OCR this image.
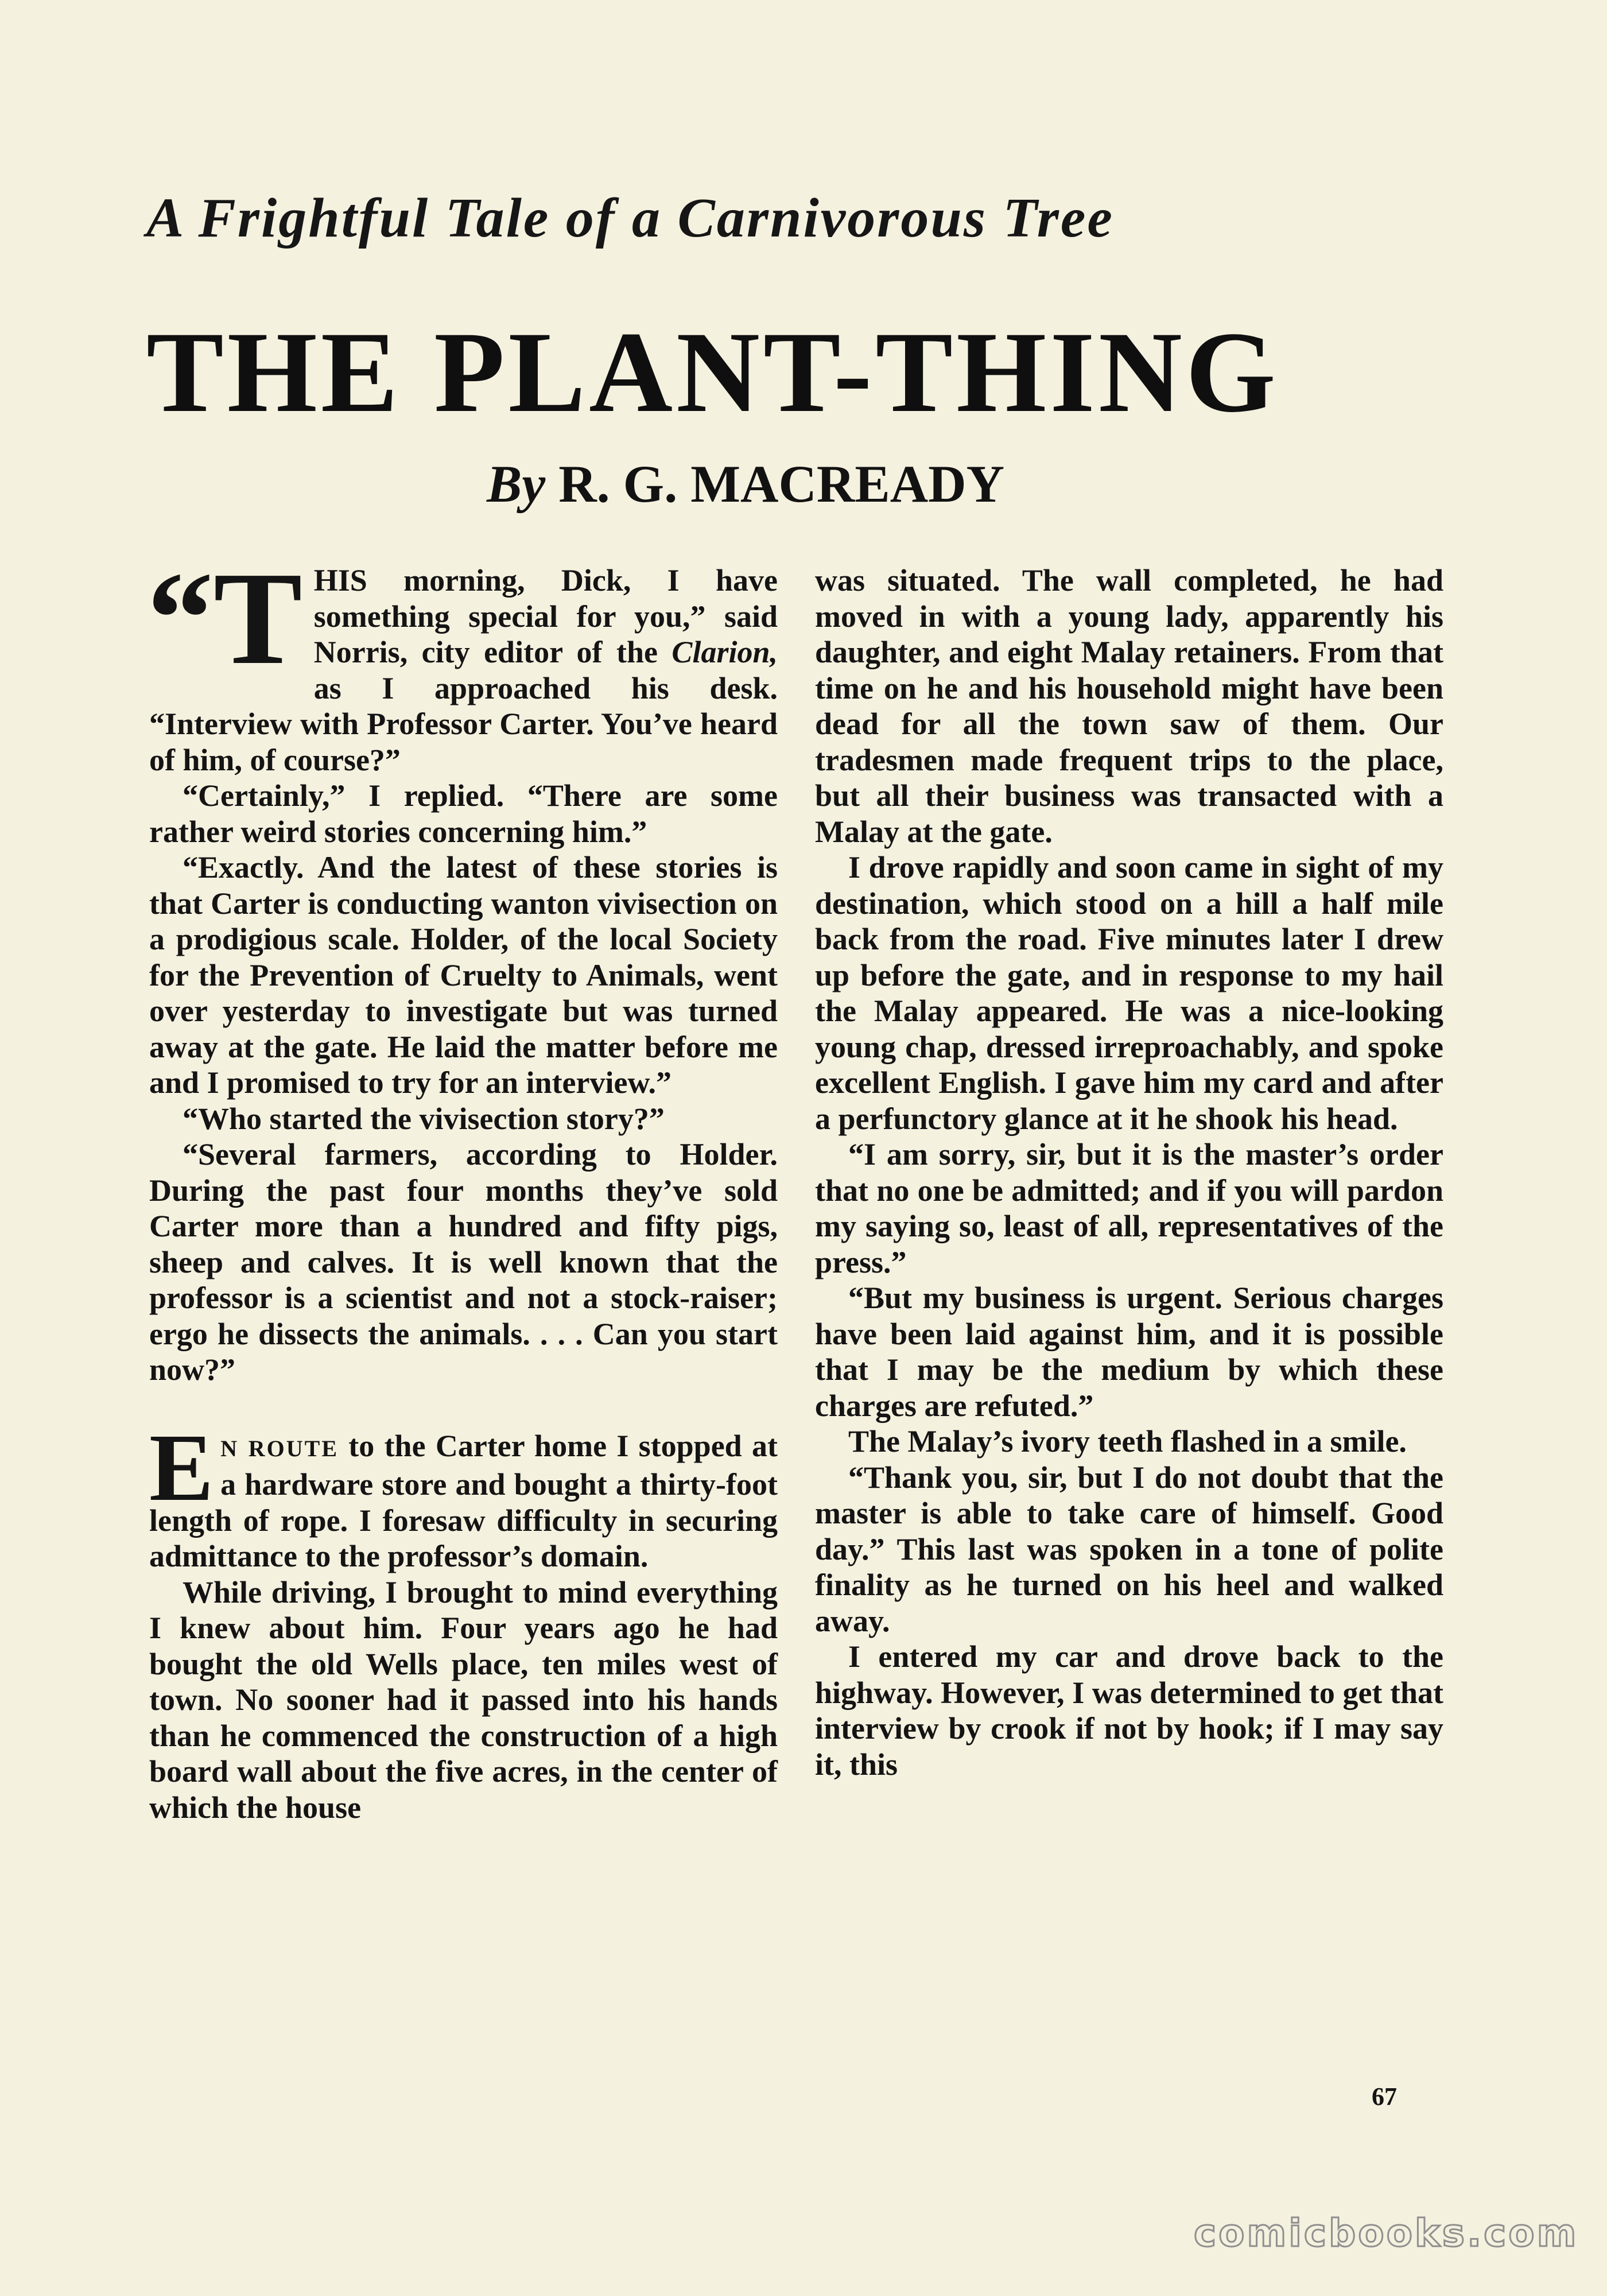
A Frightful Tale of a Carnivorous Tree
THE PLANT-THING
By R. G. MACREADY

“T HIS morning, Dick, I have something special for you,” said Norris, city editor of the Clarion, as I approached his desk. “Interview with Professor Carter. You’ve heard of him, of course?”

“Certainly,” I replied. “There are some rather weird stories concerning him.”

“Exactly. And the latest of these stories is that Carter is conducting wanton vivisection on a prodigious scale. Holder, of the local Society for the Prevention of Cruelty to Animals, went over yesterday to investigate but was turned away at the gate. He laid the matter before me and I promised to try for an interview.”

“Who started the vivisection story?”

“Several farmers, according to Holder. During the past four months they’ve sold Carter more than a hundred and fifty pigs, sheep and calves. It is well known that the professor is a scientist and not a stock-raiser; ergo he dissects the animals. . . . Can you start now?”

E N ROUTE to the Carter home I stopped at a hardware store and bought a thirty-foot length of rope. I foresaw difficulty in securing admittance to the professor’s domain.

While driving, I brought to mind everything I knew about him. Four years ago he had bought the old Wells place, ten miles west of town. No sooner had it passed into his hands than he commenced the construction of a high board wall about the five acres, in the center of which the house

was situated. The wall completed, he had moved in with a young lady, apparently his daughter, and eight Malay retainers. From that time on he and his household might have been dead for all the town saw of them. Our tradesmen made frequent trips to the place, but all their business was transacted with a Malay at the gate.

I drove rapidly and soon came in sight of my destination, which stood on a hill a half mile back from the road. Five minutes later I drew up before the gate, and in response to my hail the Malay appeared. He was a nice-looking young chap, dressed irreproachably, and spoke excellent English. I gave him my card and after a perfunctory glance at it he shook his head.

“I am sorry, sir, but it is the master’s order that no one be admitted; and if you will pardon my saying so, least of all, representatives of the press.”

“But my business is urgent. Serious charges have been laid against him, and it is possible that I may be the medium by which these charges are refuted.”

The Malay’s ivory teeth flashed in a smile.

“Thank you, sir, but I do not doubt that the master is able to take care of himself. Good day.” This last was spoken in a tone of polite finality as he turned on his heel and walked away.

I entered my car and drove back to the highway. However, I was determined to get that interview by crook if not by hook; if I may say it, this

67
comicbooks.com
